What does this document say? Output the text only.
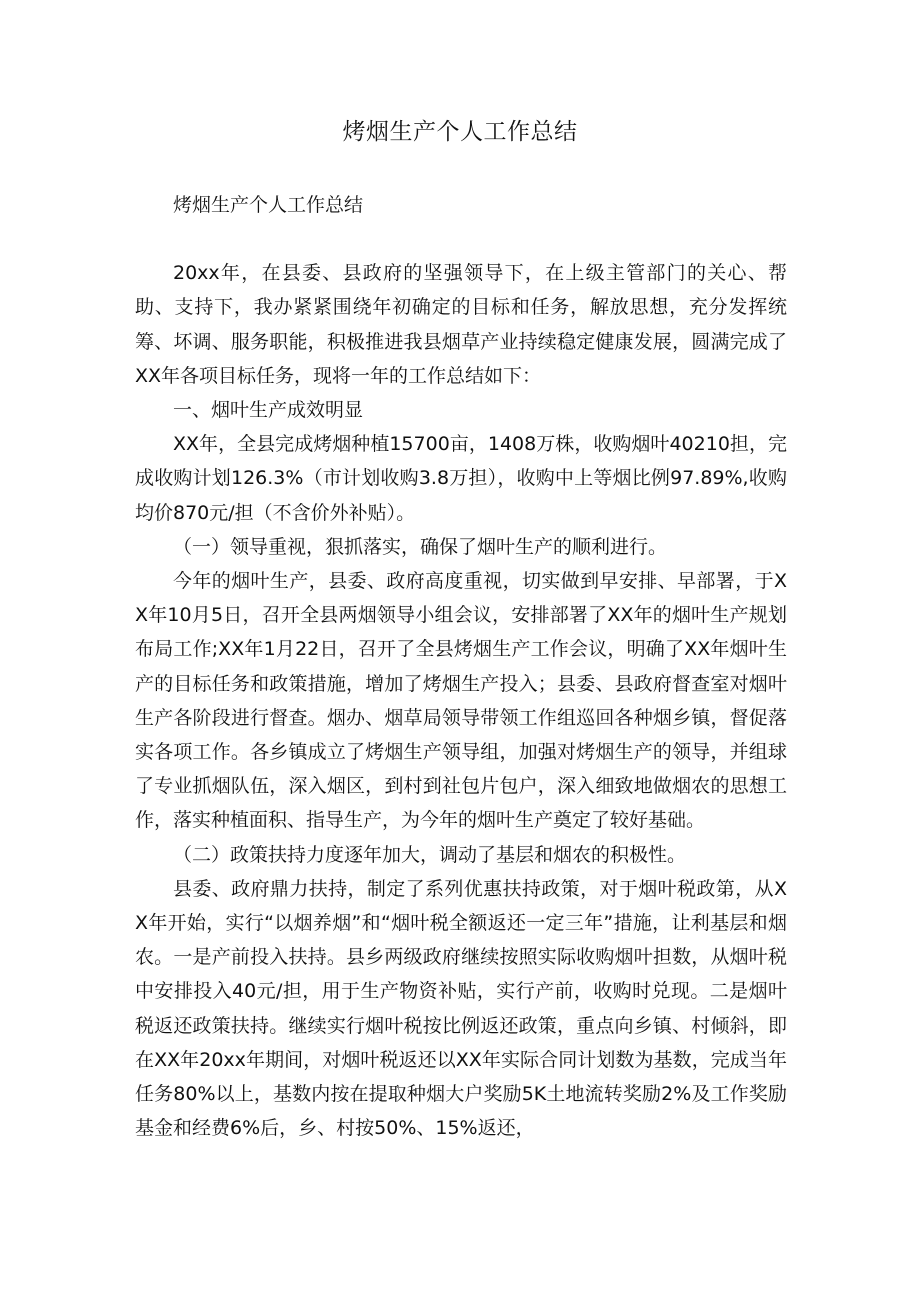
烤烟生产个人工作总结

烤烟生产个人工作总结

20xx年，在县委、县政府的坚强领导下，在上级主管部门的关心、帮助、支持下，我办紧紧围绕年初确定的目标和任务，解放思想，充分发挥统筹、坏调、服务职能，积极推进我县烟草产业持续稳定健康发展，圆满完成了XX年各项目标任务，现将一年的工作总结如下：

一、烟叶生产成效明显

XX年，全县完成烤烟种植15700亩，1408万株，收购烟叶40210担，完成收购计划126.3%（市计划收购3.8万担），收购中上等烟比例97.89%,收购均价870元/担（不含价外补贴）。

（一）领导重视，狠抓落实，确保了烟叶生产的顺利进行。

今年的烟叶生产，县委、政府高度重视，切实做到早安排、早部署，于XX年10月5日，召开全县两烟领导小组会议，安排部署了XX年的烟叶生产规划布局工作;XX年1月22日，召开了全县烤烟生产工作会议，明确了XX年烟叶生产的目标任务和政策措施，增加了烤烟生产投入；县委、县政府督查室对烟叶生产各阶段进行督查。烟办、烟草局领导带领工作组巡回各种烟乡镇，督促落实各项工作。各乡镇成立了烤烟生产领导组，加强对烤烟生产的领导，并组球了专业抓烟队伍，深入烟区，到村到社包片包户，深入细致地做烟农的思想工作，落实种植面积、指导生产，为今年的烟叶生产奠定了较好基础。

（二）政策扶持力度逐年加大，调动了基层和烟农的积极性。

县委、政府鼎力扶持，制定了系列优惠扶持政策，对于烟叶税政第，从XX年开始，实行“以烟养烟”和“烟叶税全额返还一定三年”措施，让利基层和烟农。一是产前投入扶持。县乡两级政府继续按照实际收购烟叶担数，从烟叶税中安排投入40元/担，用于生产物资补贴，实行产前，收购时兑现。二是烟叶税返还政策扶持。继续实行烟叶税按比例返还政策，重点向乡镇、村倾斜，即在XX年20xx年期间，对烟叶税返还以XX年实际合同计划数为基数，完成当年任务80%以上，基数内按在提取种烟大户奖励5K土地流转奖励2%及工作奖励基金和经费6%后，乡、村按50%、15%返还，
